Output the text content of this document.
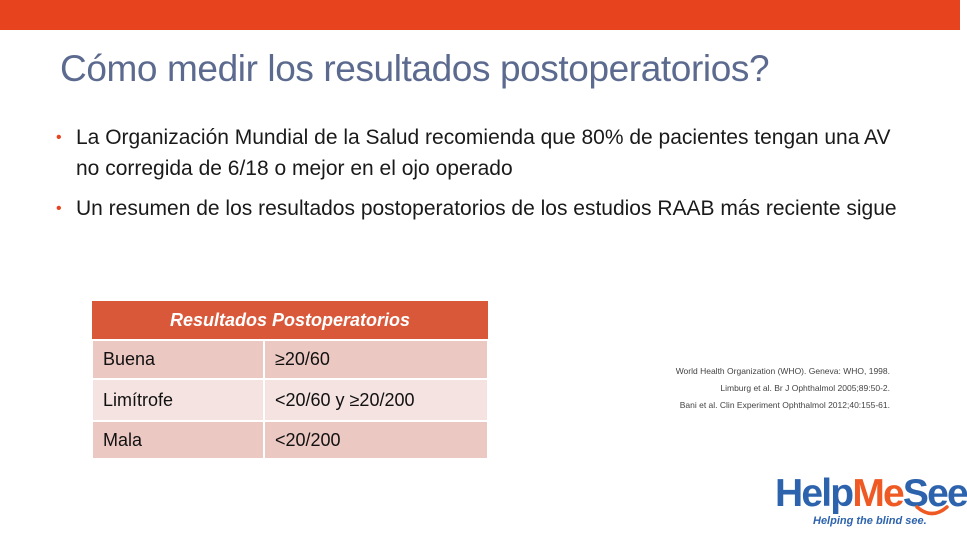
Cómo medir los resultados postoperatorios?
• La Organización Mundial de la Salud recomienda que 80% de pacientes tengan una AV no corregida de 6/18 o mejor en el ojo operado
• Un resumen de los resultados postoperatorios de los estudios RAAB más reciente sigue
Resultados Postoperatorios	
Buena	≥20/60
Limítrofe	<20/60 y ≥20/200
Mala	<20/200
World Health Organization (WHO). Geneva: WHO, 1998.
Limburg et al. Br J Ophthalmol 2005;89:50-2.
Bani et al. Clin Experiment Ophthalmol 2012;40:155-61.
HelpMeSee
Helping the blind see.
